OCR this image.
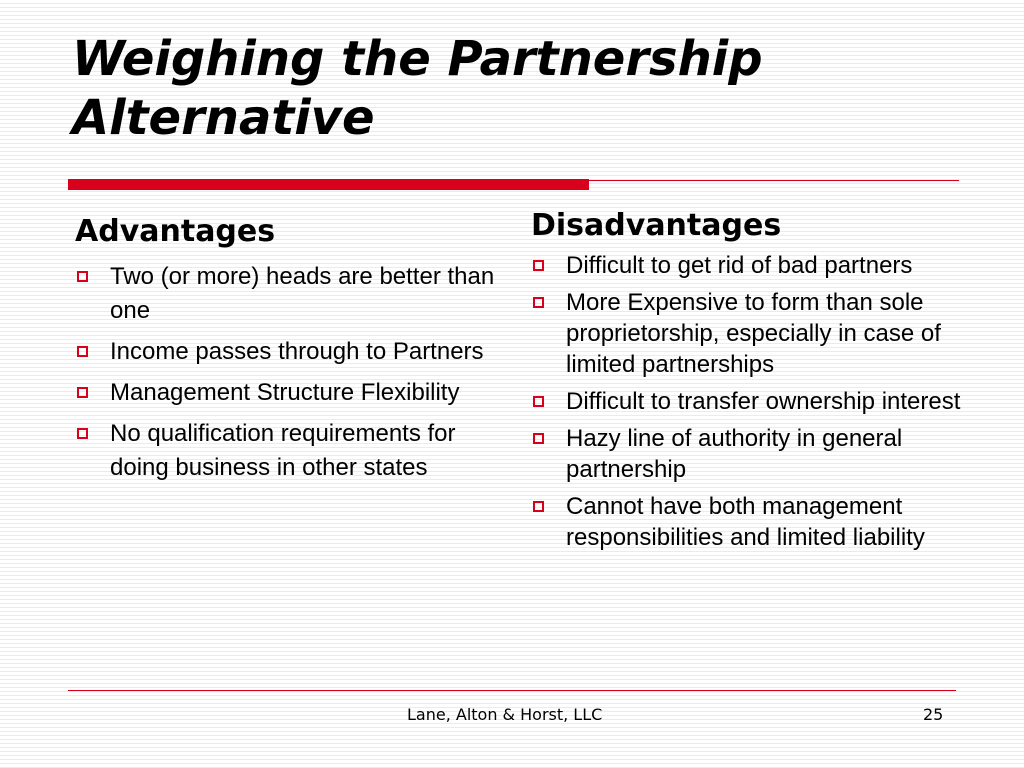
Weighing the Partnership Alternative
Advantages
Two (or more) heads are better than one
Income passes through to Partners
Management Structure Flexibility
No qualification requirements for doing business in other states
Disadvantages
Difficult to get rid of bad partners
More Expensive to form than sole proprietorship, especially in case of limited partnerships
Difficult to transfer ownership interest
Hazy line of authority in general partnership
Cannot have both management responsibilities and limited liability
Lane, Alton & Horst, LLC	25
